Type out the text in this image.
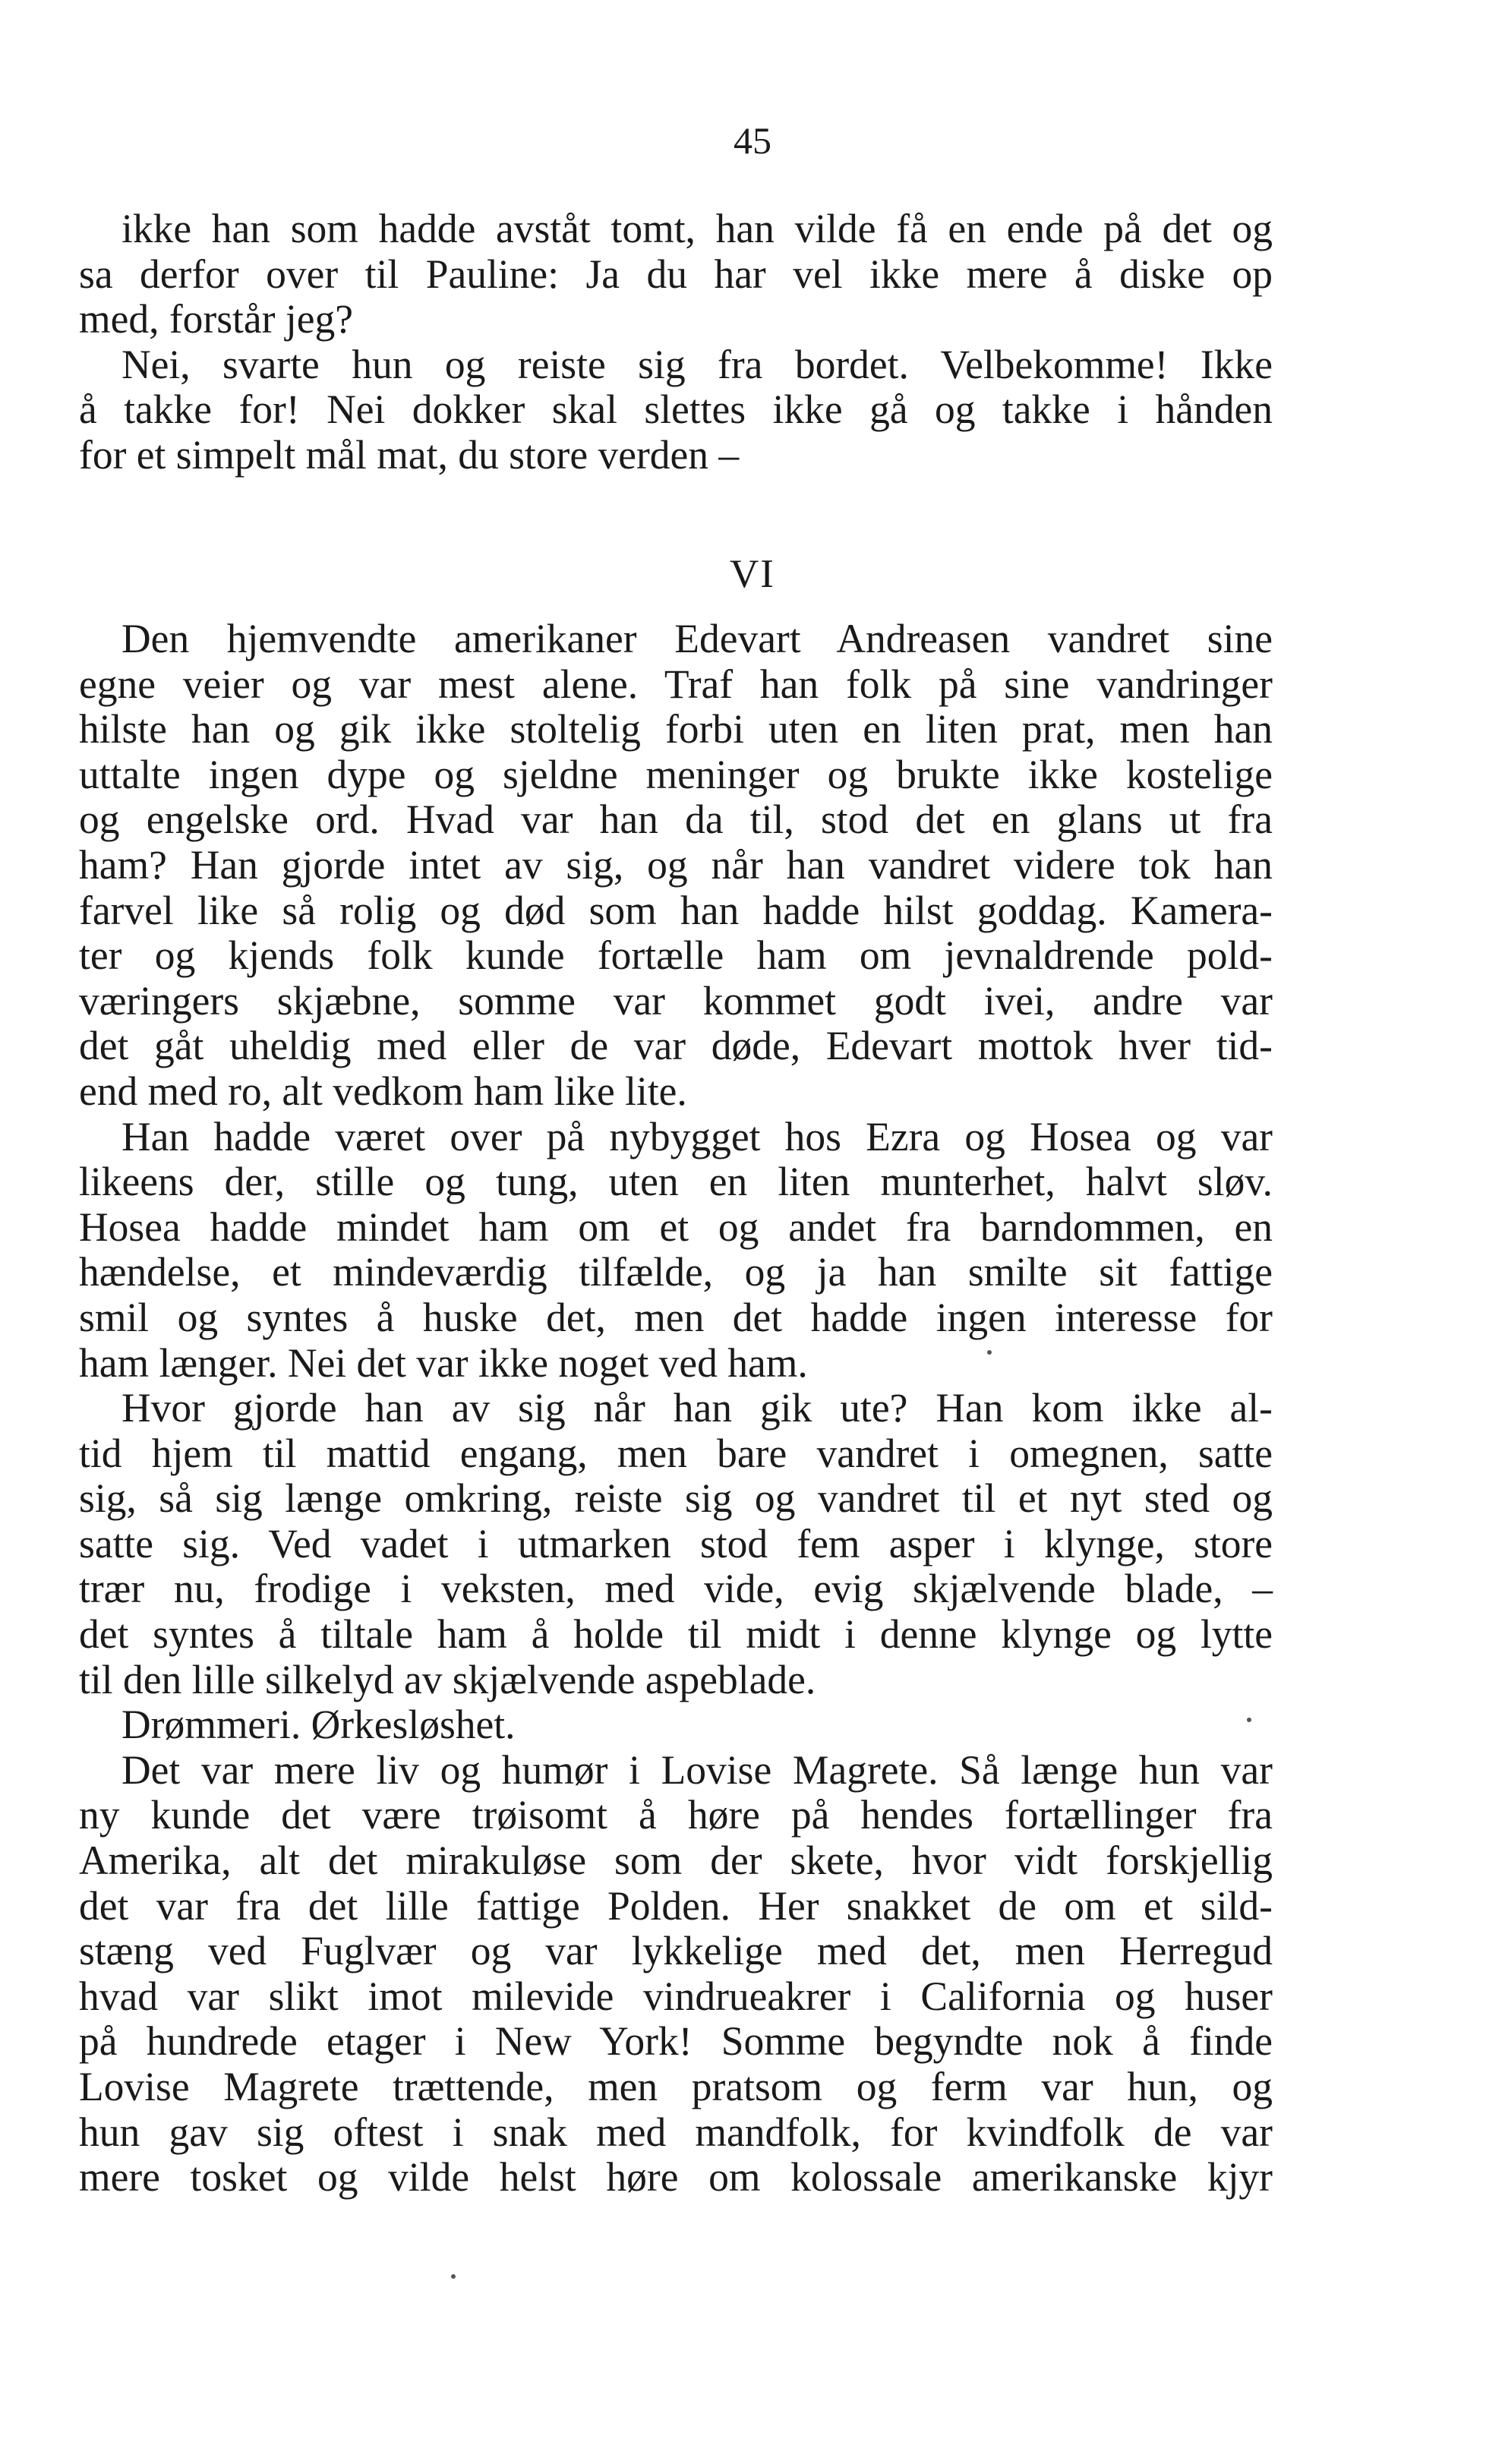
45
ikke han som hadde avståt tomt, han vilde få en ende på det og
sa derfor over til Pauline: Ja du har vel ikke mere å diske op
med, forstår jeg?
Nei, svarte hun og reiste sig fra bordet. Velbekomme! Ikke
å takke for! Nei dokker skal slettes ikke gå og takke i hånden
for et simpelt mål mat, du store verden –
VI
Den hjemvendte amerikaner Edevart Andreasen vandret sine
egne veier og var mest alene. Traf han folk på sine vandringer
hilste han og gik ikke stoltelig forbi uten en liten prat, men han
uttalte ingen dype og sjeldne meninger og brukte ikke kostelige
og engelske ord. Hvad var han da til, stod det en glans ut fra
ham? Han gjorde intet av sig, og når han vandret videre tok han
farvel like så rolig og død som han hadde hilst goddag. Kamera-
ter og kjends folk kunde fortælle ham om jevnaldrende pold-
væringers skjæbne, somme var kommet godt ivei, andre var
det gåt uheldig med eller de var døde, Edevart mottok hver tid-
end med ro, alt vedkom ham like lite.
Han hadde været over på nybygget hos Ezra og Hosea og var
likeens der, stille og tung, uten en liten munterhet, halvt sløv.
Hosea hadde mindet ham om et og andet fra barndommen, en
hændelse, et mindeværdig tilfælde, og ja han smilte sit fattige
smil og syntes å huske det, men det hadde ingen interesse for
ham længer. Nei det var ikke noget ved ham.
Hvor gjorde han av sig når han gik ute? Han kom ikke al-
tid hjem til mattid engang, men bare vandret i omegnen, satte
sig, så sig længe omkring, reiste sig og vandret til et nyt sted og
satte sig. Ved vadet i utmarken stod fem asper i klynge, store
trær nu, frodige i veksten, med vide, evig skjælvende blade, –
det syntes å tiltale ham å holde til midt i denne klynge og lytte
til den lille silkelyd av skjælvende aspeblade.
Drømmeri. Ørkesløshet.
Det var mere liv og humør i Lovise Magrete. Så længe hun var
ny kunde det være trøisomt å høre på hendes fortællinger fra
Amerika, alt det mirakuløse som der skete, hvor vidt forskjellig
det var fra det lille fattige Polden. Her snakket de om et sild-
stæng ved Fuglvær og var lykkelige med det, men Herregud
hvad var slikt imot milevide vindrueakrer i California og huser
på hundrede etager i New York! Somme begyndte nok å finde
Lovise Magrete trættende, men pratsom og ferm var hun, og
hun gav sig oftest i snak med mandfolk, for kvindfolk de var
mere tosket og vilde helst høre om kolossale amerikanske kjyr
